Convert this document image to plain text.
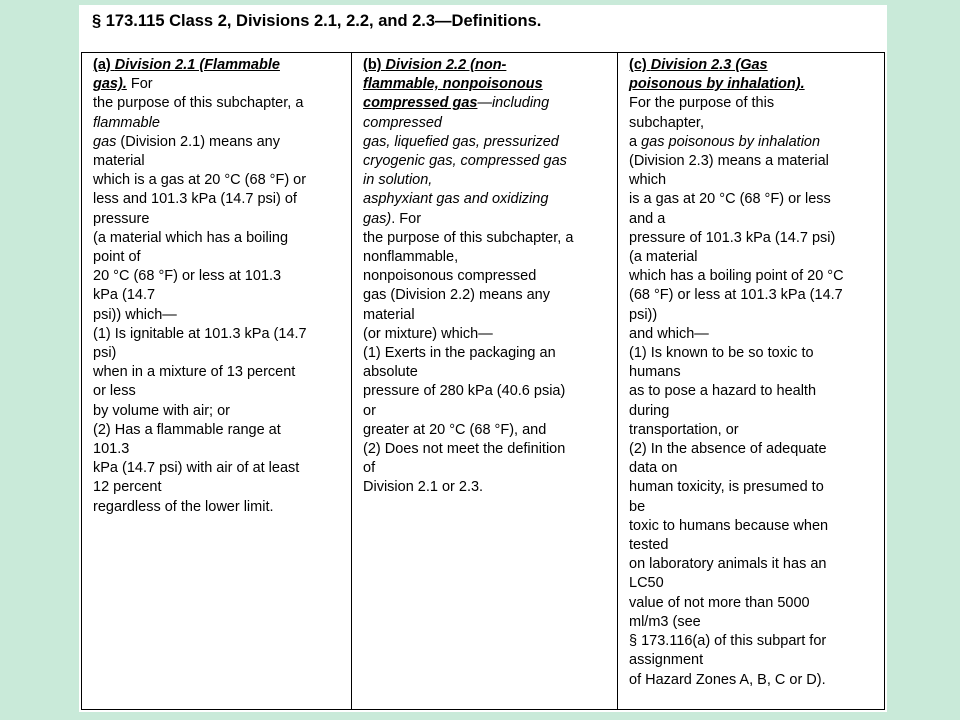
§ 173.115 Class 2, Divisions 2.1, 2.2, and 2.3—Definitions.
(a) Division 2.1 (Flammable
gas). For
the purpose of this subchapter, a
flammable
gas (Division 2.1) means any
material
which is a gas at 20 °C (68 °F) or
less and 101.3 kPa (14.7 psi) of
pressure
(a material which has a boiling
point of
20 °C (68 °F) or less at 101.3
kPa (14.7
psi)) which—
(1) Is ignitable at 101.3 kPa (14.7
psi)
when in a mixture of 13 percent
or less
by volume with air; or
(2) Has a flammable range at
101.3
kPa (14.7 psi) with air of at least
12 percent
regardless of the lower limit.

(b) Division 2.2 (non-
flammable, nonpoisonous
compressed gas—including
compressed
gas, liquefied gas, pressurized
cryogenic gas, compressed gas
in solution,
asphyxiant gas and oxidizing
gas). For
the purpose of this subchapter, a
nonflammable,
nonpoisonous compressed
gas (Division 2.2) means any
material
(or mixture) which—
(1) Exerts in the packaging an
absolute
pressure of 280 kPa (40.6 psia)
or
greater at 20 °C (68 °F), and
(2) Does not meet the definition
of
Division 2.1 or 2.3.

(c) Division 2.3 (Gas
poisonous by inhalation).
For the purpose of this
subchapter,
a gas poisonous by inhalation
(Division 2.3) means a material
which
is a gas at 20 °C (68 °F) or less
and a
pressure of 101.3 kPa (14.7 psi)
(a material
which has a boiling point of 20 °C
(68 °F) or less at 101.3 kPa (14.7
psi))
and which—
(1) Is known to be so toxic to
humans
as to pose a hazard to health
during
transportation, or
(2) In the absence of adequate
data on
human toxicity, is presumed to
be
toxic to humans because when
tested
on laboratory animals it has an
LC50
value of not more than 5000
ml/m3 (see
§ 173.116(a) of this subpart for
assignment
of Hazard Zones A, B, C or D).
